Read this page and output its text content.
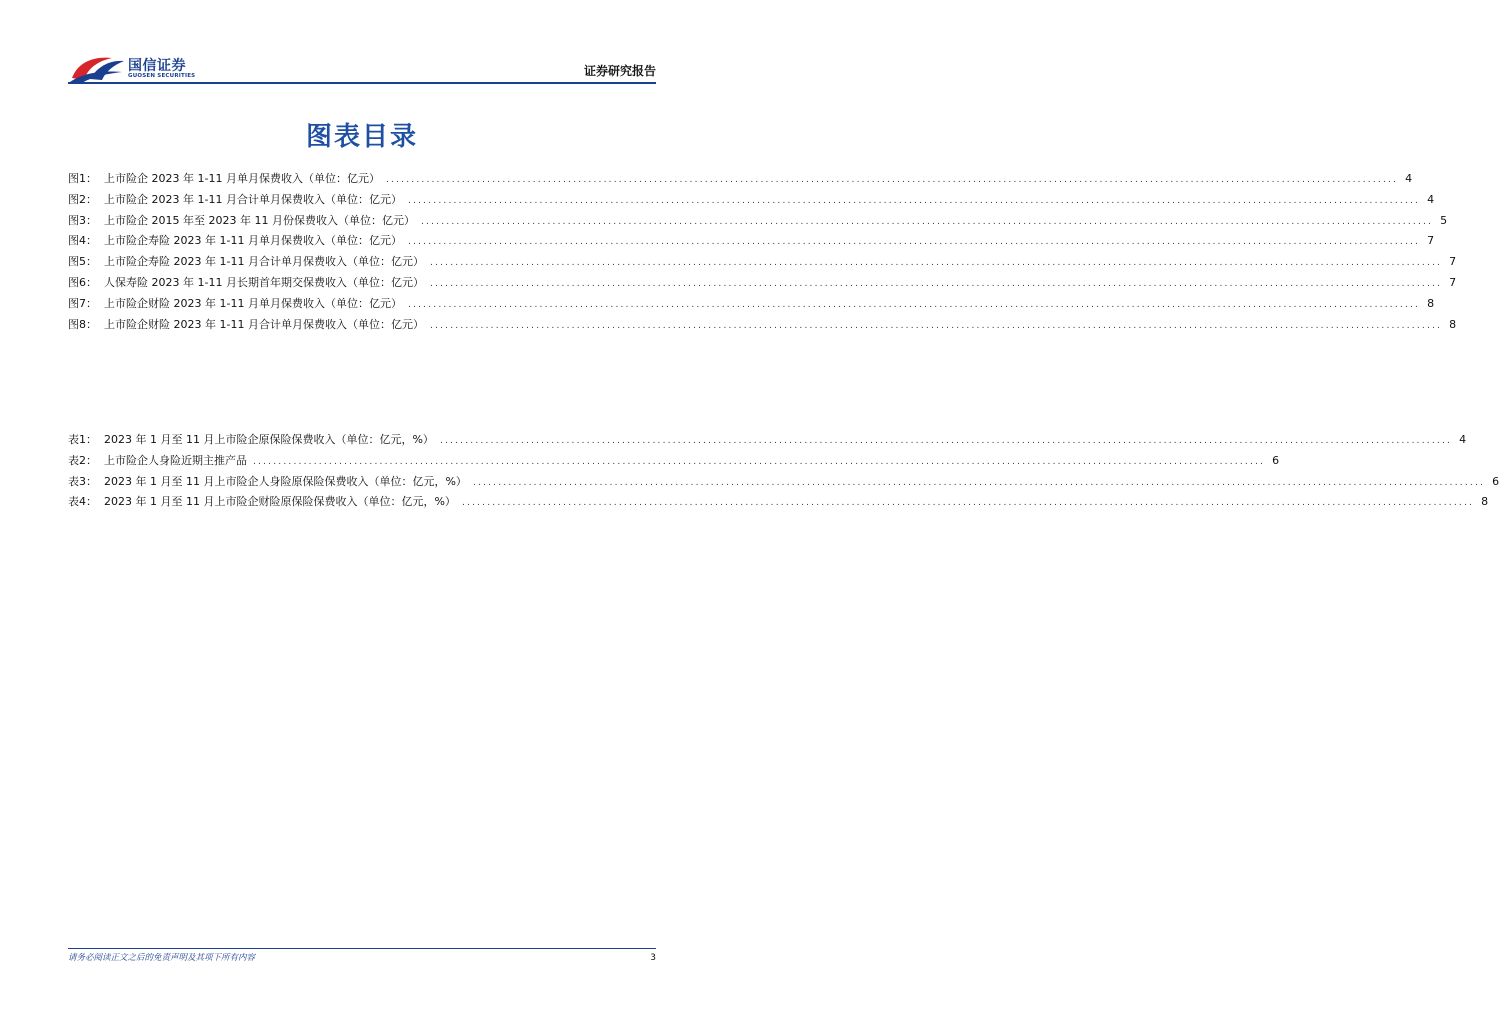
国信证券
GUOSEN SECURITIES	证券研究报告
图表目录
图1： 上市险企 2023 年 1-11 月单月保费收入（单位：亿元） ........................................................................................................................................................................................................ 4
图2： 上市险企 2023 年 1-11 月合计单月保费收入（单位：亿元） ........................................................................................................................................................................................................ 4
图3： 上市险企 2015 年至 2023 年 11 月份保费收入（单位：亿元） ........................................................................................................................................................................................................ 5
图4： 上市险企寿险 2023 年 1-11 月单月保费收入（单位：亿元） ........................................................................................................................................................................................................ 7
图5： 上市险企寿险 2023 年 1-11 月合计单月保费收入（单位：亿元） ........................................................................................................................................................................................................ 7
图6： 人保寿险 2023 年 1-11 月长期首年期交保费收入（单位：亿元） ........................................................................................................................................................................................................ 7
图7： 上市险企财险 2023 年 1-11 月单月保费收入（单位：亿元） ........................................................................................................................................................................................................ 8
图8： 上市险企财险 2023 年 1-11 月合计单月保费收入（单位：亿元） ........................................................................................................................................................................................................ 8
表1： 2023 年 1 月至 11 月上市险企原保险保费收入（单位：亿元，%） ........................................................................................................................................................................................................ 4
表2： 上市险企人身险近期主推产品 ........................................................................................................................................................................................................ 6
表3： 2023 年 1 月至 11 月上市险企人身险原保险保费收入（单位：亿元，%） ........................................................................................................................................................................................................ 6
表4： 2023 年 1 月至 11 月上市险企财险原保险保费收入（单位：亿元，%） ........................................................................................................................................................................................................ 8
请务必阅读正文之后的免责声明及其项下所有内容	3
